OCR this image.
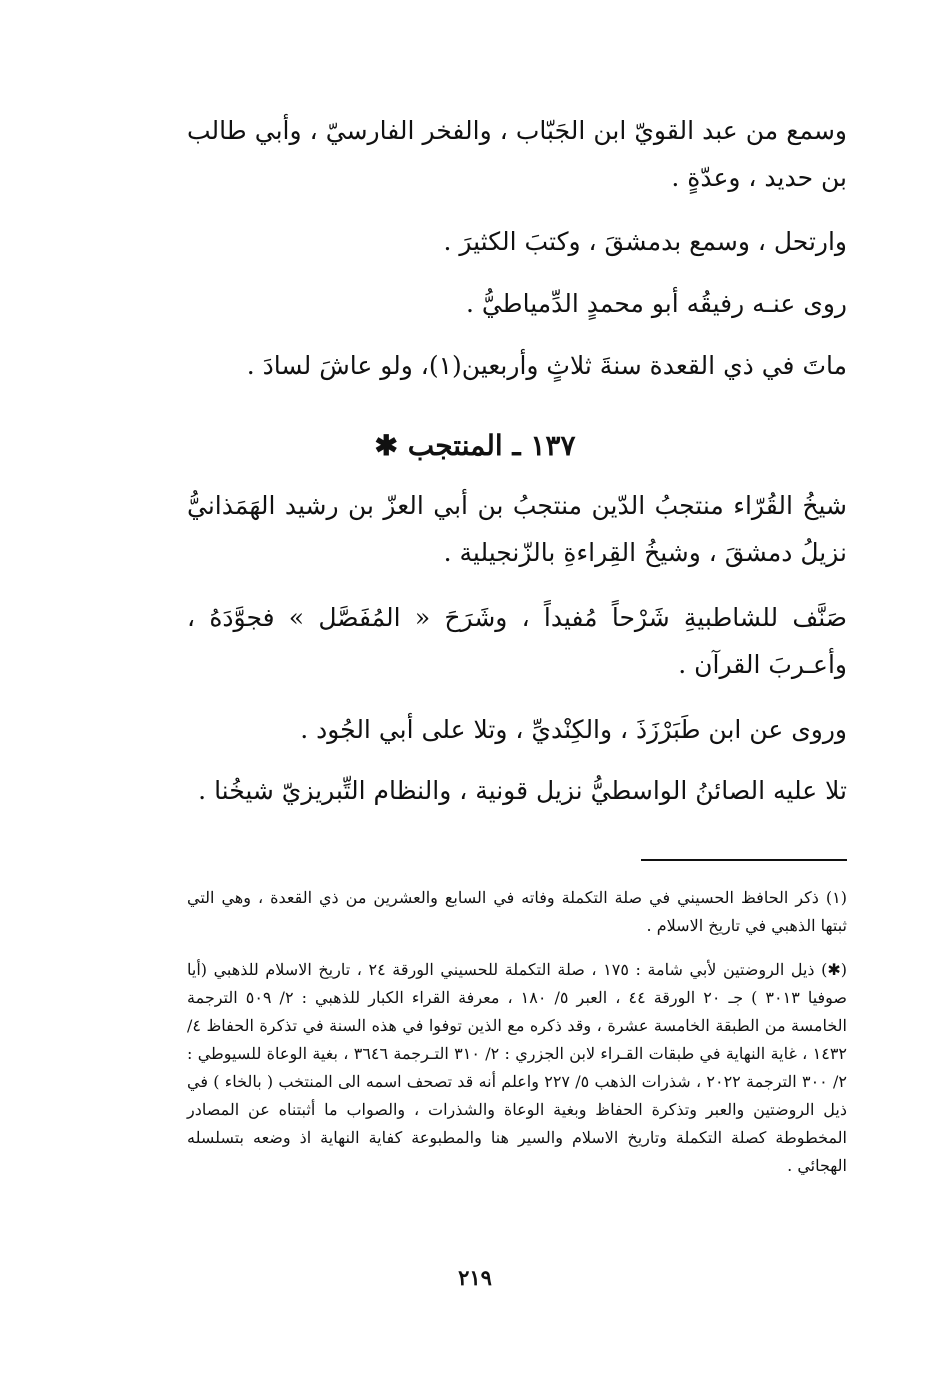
وسمع من عبد القويّ ابن الجَبّاب ، والفخر الفارسيّ ، وأبي طالب بن حديد ، وعدّةٍ .

وارتحل ، وسمع بدمشقَ ، وكتبَ الكثيرَ .

روى عنـه رفيقُه أبو محمدٍ الدِّمياطيُّ .

ماتَ في ذي القعدة سنةَ ثلاثٍ وأربعين(١)، ولو عاشَ لسادَ .

١٣٧ ـ المنتجب ✱

شيخُ القُرّاء منتجبُ الدّين منتجبُ بن أبي العزّ بن رشيد الهَمَذانيُّ نزيلُ دمشقَ ، وشيخُ القِراءةِ بالزّنجيلية .

صَنَّف للشاطبيةِ شَرْحاً مُفيداً ، وشَرَحَ « المُفَصَّل » فجوَّدَهُ ، وأعـربَ القرآن .

وروى عن ابن طَبَرْزَذَ ، والكِنْديِّ ، وتلا على أبي الجُود .

تلا عليه الصائنُ الواسطيُّ نزيل قونية ، والنظام التِّبريزيّ شيخُنا .

(١) ذكر الحافظ الحسيني في صلة التكملة وفاته في السابع والعشرين من ذي القعدة ، وهي التي ثبتها الذهبي في تاريخ الاسلام .

(✱) ذيل الروضتين لأبي شامة : ١٧٥ ، صلة التكملة للحسيني الورقة ٢٤ ، تاريخ الاسلام للذهبي (أيا صوفيا ٣٠١٣ ) جـ ٢٠ الورقة ٤٤ ، العبر ٥/ ١٨٠ ، معرفة القراء الكبار للذهبي : ٢/ ٥٠٩ الترجمة الخامسة من الطبقة الخامسة عشرة ، وقد ذكره مع الذين توفوا في هذه السنة في تذكرة الحفاظ ٤/ ١٤٣٢ ، غاية النهاية في طبقات القـراء لابن الجزري : ٢/ ٣١٠ التـرجمة ٣٦٤٦ ، بغية الوعاة للسيوطي : ٢/ ٣٠٠ الترجمة ٢٠٢٢ ، شذرات الذهب ٥/ ٢٢٧ واعلم أنه قد تصحف اسمه الى المنتخب ( بالخاء ) في ذيل الروضتين والعبر وتذكرة الحفاظ وبغية الوعاة والشذرات ، والصواب ما أثبتناه عن المصادر المخطوطة كصلة التكملة وتاريخ الاسلام والسير هنا والمطبوعة كفاية النهاية اذ وضعه بتسلسله الهجائي .

٢١٩
